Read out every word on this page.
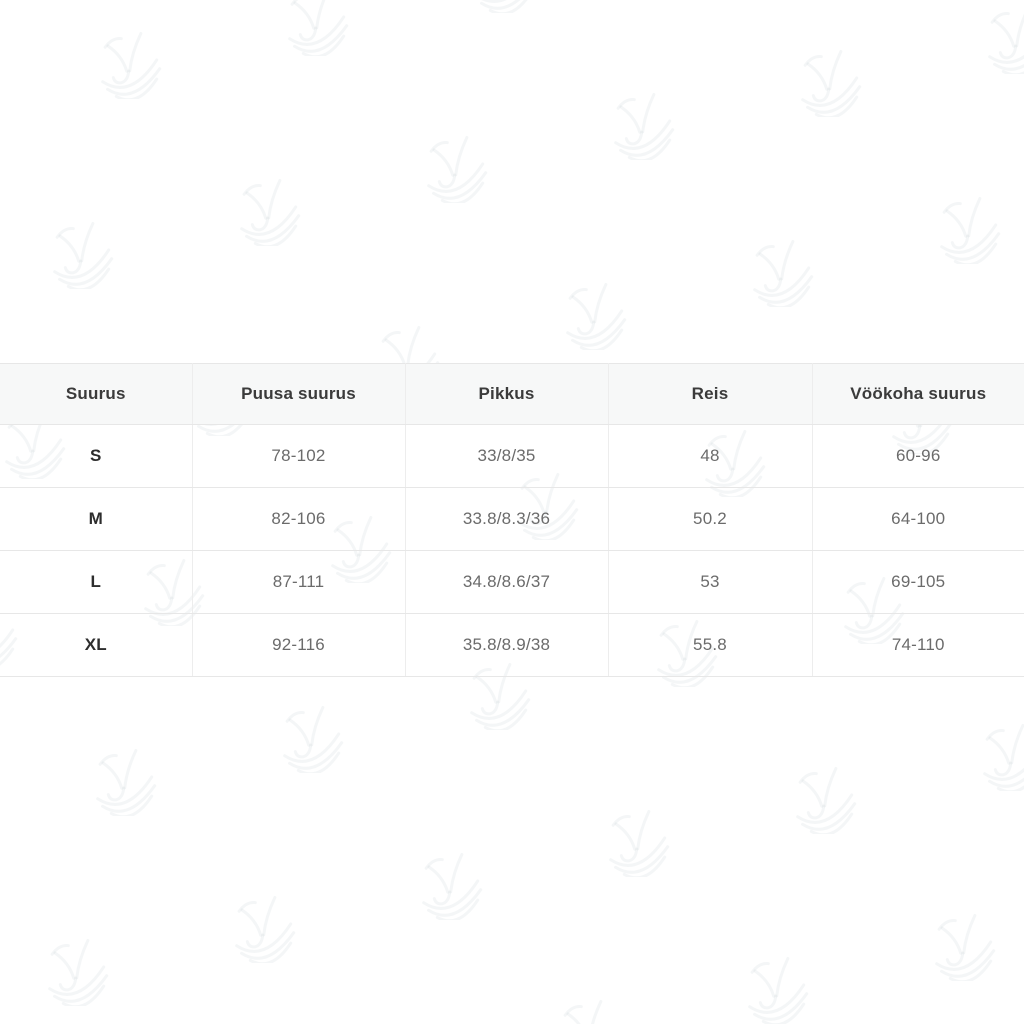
Suurus	Puusa suurus	Pikkus	Reis	Vöökoha suurus
S	78-102	33/8/35	48	60-96
M	82-106	33.8/8.3/36	50.2	64-100
L	87-111	34.8/8.6/37	53	69-105
XL	92-116	35.8/8.9/38	55.8	74-110
